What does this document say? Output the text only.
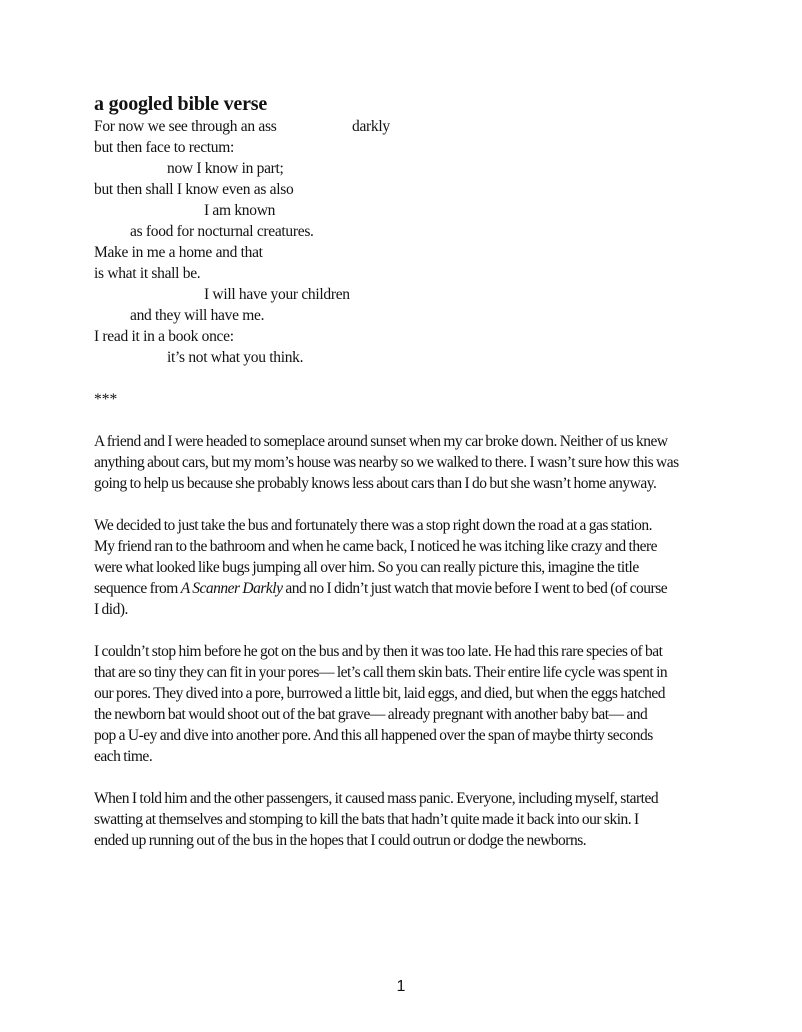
a googled bible verse
For now we see through an ass	darkly
but then face to rectum:
now I know in part;
but then shall I know even as also
I am known
as food for nocturnal creatures.
Make in me a home and that
is what it shall be.
I will have your children
and they will have me.
I read it in a book once:
it’s not what you think.
***
A friend and I were headed to someplace around sunset when my car broke down. Neither of us knew
anything about cars, but my mom’s house was nearby so we walked to there. I wasn’t sure how this was
going to help us because she probably knows less about cars than I do but she wasn’t home anyway.
We decided to just take the bus and fortunately there was a stop right down the road at a gas station.
My friend ran to the bathroom and when he came back, I noticed he was itching like crazy and there
were what looked like bugs jumping all over him. So you can really picture this, imagine the title
sequence from A Scanner Darkly and no I didn’t just watch that movie before I went to bed (of course
I did).
I couldn’t stop him before he got on the bus and by then it was too late. He had this rare species of bat
that are so tiny they can fit in your pores— let’s call them skin bats. Their entire life cycle was spent in
our pores. They dived into a pore, burrowed a little bit, laid eggs, and died, but when the eggs hatched
the newborn bat would shoot out of the bat grave— already pregnant with another baby bat— and
pop a U-ey and dive into another pore. And this all happened over the span of maybe thirty seconds
each time.
When I told him and the other passengers, it caused mass panic. Everyone, including myself, started
swatting at themselves and stomping to kill the bats that hadn’t quite made it back into our skin. I
ended up running out of the bus in the hopes that I could outrun or dodge the newborns.
1
